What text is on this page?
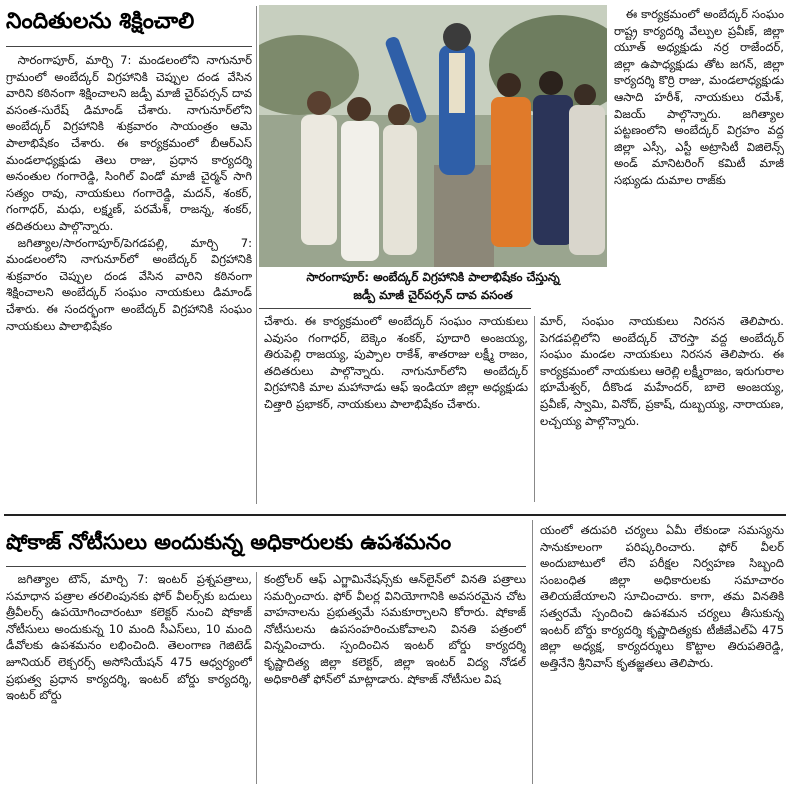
నిందితులను శిక్షించాలి

సారంగాపూర్, మార్చి 7: మండలంలోని నాగునూర్ గ్రామంలో అంబేద్కర్ విగ్రహానికి చెప్పుల దండ వేసిన వారిని కఠినంగా శిక్షించాలని జడ్పీ మాజీ చైర్‌పర్సన్ దావ వసంత-సురేష్ డిమాండ్ చేశారు. నాగునూర్‌లోని అంబేద్కర్ విగ్రహానికి శుక్రవారం సాయంత్రం ఆమె పాలాభిషేకం చేశారు. ఈ కార్యక్రమంలో బీఆర్‌ఎస్ మండలాధ్యక్షుడు తెలు రాజు, ప్రధాన కార్యదర్శి అనంతుల గంగారెడ్డి, సింగిల్ విండో మాజీ చైర్మన్ సాగి సత్యం రావు, నాయకులు గంగారెడ్డి, మదన్, శంకర్, గంగాధర్, మధు, లక్ష్మణ్, పరమేశ్, రాజన్న, శంకర్, తదితరులు పాల్గొన్నారు.

జగిత్యాల/సారంగాపూర్/పెగడపల్లి, మార్చి 7: మండలంలోని నాగునూర్‌లో అంబేద్కర్ విగ్రహానికి శుక్రవారం చెప్పుల దండ వేసిన వారిని కఠినంగా శిక్షించాలని అంబేద్కర్ సంఘం నాయకులు డిమాండ్ చేశారు. ఈ సందర్భంగా అంబేద్కర్ విగ్రహానికి సంఘం నాయకులు పాలాభిషేకం

సారంగాపూర్: అంబేద్కర్ విగ్రహానికి పాలాభిషేకం చేస్తున్న
జడ్పీ మాజీ చైర్‌పర్సన్ దావ వసంత

చేశారు. ఈ కార్యక్రమంలో అంబేద్కర్ సంఘం నాయకులు ఎవుసం గంగాధర్, బెక్కెం శంకర్, పూదారి అంజయ్య, తిరుపెల్లి రాజయ్య, పుప్పాల రాకేశ్, శాతరాజు లక్ష్మీ రాజం, తదితరులు పాల్గొన్నారు. నాగునూర్‌లోని అంబేద్కర్ విగ్రహానికి మాల మహానాడు ఆఫ్ ఇండియా జిల్లా అధ్యక్షుడు చిత్తారి ప్రభాకర్, నాయకులు పాలాభిషేకం చేశారు.

ఈ కార్యక్రమంలో అంబేద్కర్ సంఘం రాష్ట్ర కార్యదర్శి వేల్పుల ప్రవీణ్, జిల్లా యూత్ అధ్యక్షుడు నర్ర రాజేందర్, జిల్లా ఉపాధ్యక్షుడు తోట జగన్, జిల్లా కార్యదర్శి కొర్రి రాజు, మండలాధ్యక్షుడు ఆసాది హరీశ్, నాయకులు రమేశ్, విజయ్ పాల్గొన్నారు. జగిత్యాల పట్టణంలోని అంబేద్కర్ విగ్రహం వద్ద జిల్లా ఎస్సీ, ఎస్టీ అట్రాసిటీ విజిలెన్స్ అండ్ మానిటరింగ్ కమిటీ మాజీ సభ్యుడు దుమాల రాజ్‌కు

మార్, సంఘం నాయకులు నిరసన తెలిపారు. పెగడపల్లిలోని అంబేద్కర్ చౌరస్తా వద్ద అంబేద్కర్ సంఘం మండల నాయకులు నిరసన తెలిపారు. ఈ కార్యక్రమంలో నాయకులు ఆరెల్లి లక్ష్మీరాజం, ఇరుగురాల భూమేశ్వర్, దీకొండ మహేందర్, బాలె అంజయ్య, ప్రవీణ్, స్వామి, వినోద్, ప్రకాష్, దుబ్బయ్య, నారాయణ, లచ్చయ్య పాల్గొన్నారు.

షోకాజ్ నోటీసులు అందుకున్న అధికారులకు ఉపశమనం

జగిత్యాల టౌన్, మార్చి 7: ఇంటర్ ప్రశ్నపత్రాలు, సమాధాన పత్రాల తరలింపునకు ఫోర్ వీలర్స్‌కు బదులు త్రీవీలర్స్ ఉపయోగించారంటూ కలెక్టర్ నుంచి షోకాజ్ నోటీసులు అందుకున్న 10 మంది సీఎస్‌లు, 10 మంది డీవోలకు ఉపశమనం లభించింది. తెలంగాణ గెజిటెడ్ జూనియర్ లెక్చరర్స్ అసోసియేషన్ 475 ఆధ్వర్యంలో ప్రభుత్వ ప్రధాన కార్యదర్శి, ఇంటర్ బోర్డు కార్యదర్శి, ఇంటర్ బోర్డు

కంట్రోలర్ ఆఫ్ ఎగ్జామినేషన్స్‌కు ఆన్‌లైన్‌లో వినతి పత్రాలు సమర్పించారు. ఫోర్ వీలర్ల వినియోగానికి అవసరమైన చోట వాహనాలను ప్రభుత్వమే సమకూర్చాలని కోరారు. షోకాజ్ నోటీసులను ఉపసంహరించుకోవాలని వినతి పత్రంలో విన్నవించారు. స్పందించిన ఇంటర్ బోర్డు కార్యదర్శి కృష్ణాదిత్య జిల్లా కలెక్టర్, జిల్లా ఇంటర్ విద్య నోడల్ అధికారితో ఫోన్‌లో మాట్లాడారు. షోకాజ్ నోటీసుల విష

యంలో తదుపరి చర్యలు ఏమీ లేకుండా సమస్యను సానుకూలంగా పరిష్కరించారు. ఫోర్ వీలర్ అందుబాటులో లేని పరీక్షల నిర్వహణ సిబ్బంది సంబంధిత జిల్లా అధికారులకు సమాచారం తెలియజేయాలని సూచించారు. కాగా, తమ వినతికి సత్వరమే స్పందించి ఉపశమన చర్యలు తీసుకున్న ఇంటర్ బోర్డు కార్యదర్శి కృష్ణాదిత్యకు టీజీజేఎల్ఏ 475 జిల్లా అధ్యక్ష, కార్యదర్శులు కొట్టాల తిరుపతిరెడ్డి, అత్తినేని శ్రీనివాస్ కృతజ్ఞతలు తెలిపారు.
